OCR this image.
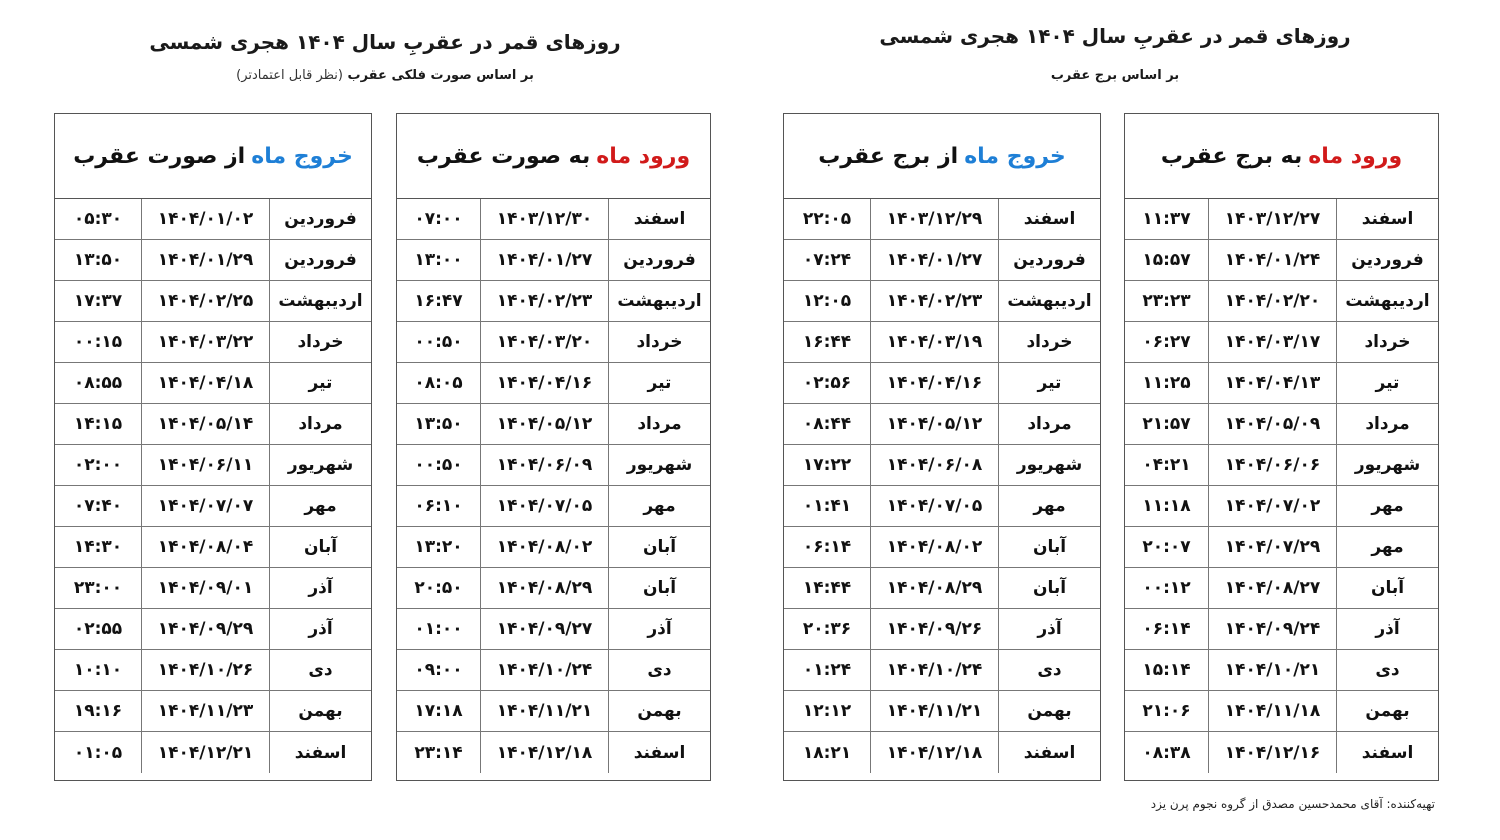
روزهای قمر در عقربِ سال ۱۴۰۴ هجری شمسی
بر اساس برج عقرب
روزهای قمر در عقربِ سال ۱۴۰۴ هجری شمسی
بر اساس صورت فلکی عقرب (نظر قابل اعتمادتر)
ورود ماه
به برج عقرب
اسفند
۱۴۰۳/۱۲/۲۷
۱۱:۳۷
فروردین
۱۴۰۴/۰۱/۲۴
۱۵:۵۷
اردیبهشت
۱۴۰۴/۰۲/۲۰
۲۳:۲۳
خرداد
۱۴۰۴/۰۳/۱۷
۰۶:۲۷
تیر
۱۴۰۴/۰۴/۱۳
۱۱:۲۵
مرداد
۱۴۰۴/۰۵/۰۹
۲۱:۵۷
شهریور
۱۴۰۴/۰۶/۰۶
۰۴:۲۱
مهر
۱۴۰۴/۰۷/۰۲
۱۱:۱۸
مهر
۱۴۰۴/۰۷/۲۹
۲۰:۰۷
آبان
۱۴۰۴/۰۸/۲۷
۰۰:۱۲
آذر
۱۴۰۴/۰۹/۲۴
۰۶:۱۴
دی
۱۴۰۴/۱۰/۲۱
۱۵:۱۴
بهمن
۱۴۰۴/۱۱/۱۸
۲۱:۰۶
اسفند
۱۴۰۴/۱۲/۱۶
۰۸:۳۸
خروج ماه
از برج عقرب
اسفند
۱۴۰۳/۱۲/۲۹
۲۲:۰۵
فروردین
۱۴۰۴/۰۱/۲۷
۰۷:۲۴
اردیبهشت
۱۴۰۴/۰۲/۲۳
۱۲:۰۵
خرداد
۱۴۰۴/۰۳/۱۹
۱۶:۴۴
تیر
۱۴۰۴/۰۴/۱۶
۰۲:۵۶
مرداد
۱۴۰۴/۰۵/۱۲
۰۸:۴۴
شهریور
۱۴۰۴/۰۶/۰۸
۱۷:۲۲
مهر
۱۴۰۴/۰۷/۰۵
۰۱:۴۱
آبان
۱۴۰۴/۰۸/۰۲
۰۶:۱۴
آبان
۱۴۰۴/۰۸/۲۹
۱۴:۴۴
آذر
۱۴۰۴/۰۹/۲۶
۲۰:۳۶
دی
۱۴۰۴/۱۰/۲۴
۰۱:۲۴
بهمن
۱۴۰۴/۱۱/۲۱
۱۲:۱۲
اسفند
۱۴۰۴/۱۲/۱۸
۱۸:۲۱
ورود ماه
به صورت عقرب
اسفند
۱۴۰۳/۱۲/۳۰
۰۷:۰۰
فروردین
۱۴۰۴/۰۱/۲۷
۱۳:۰۰
اردیبهشت
۱۴۰۴/۰۲/۲۳
۱۶:۴۷
خرداد
۱۴۰۴/۰۳/۲۰
۰۰:۵۰
تیر
۱۴۰۴/۰۴/۱۶
۰۸:۰۵
مرداد
۱۴۰۴/۰۵/۱۲
۱۳:۵۰
شهریور
۱۴۰۴/۰۶/۰۹
۰۰:۵۰
مهر
۱۴۰۴/۰۷/۰۵
۰۶:۱۰
آبان
۱۴۰۴/۰۸/۰۲
۱۳:۲۰
آبان
۱۴۰۴/۰۸/۲۹
۲۰:۵۰
آذر
۱۴۰۴/۰۹/۲۷
۰۱:۰۰
دی
۱۴۰۴/۱۰/۲۴
۰۹:۰۰
بهمن
۱۴۰۴/۱۱/۲۱
۱۷:۱۸
اسفند
۱۴۰۴/۱۲/۱۸
۲۳:۱۴
خروج ماه
از صورت عقرب
فروردین
۱۴۰۴/۰۱/۰۲
۰۵:۳۰
فروردین
۱۴۰۴/۰۱/۲۹
۱۳:۵۰
اردیبهشت
۱۴۰۴/۰۲/۲۵
۱۷:۳۷
خرداد
۱۴۰۴/۰۳/۲۲
۰۰:۱۵
تیر
۱۴۰۴/۰۴/۱۸
۰۸:۵۵
مرداد
۱۴۰۴/۰۵/۱۴
۱۴:۱۵
شهریور
۱۴۰۴/۰۶/۱۱
۰۲:۰۰
مهر
۱۴۰۴/۰۷/۰۷
۰۷:۴۰
آبان
۱۴۰۴/۰۸/۰۴
۱۴:۳۰
آذر
۱۴۰۴/۰۹/۰۱
۲۳:۰۰
آذر
۱۴۰۴/۰۹/۲۹
۰۲:۵۵
دی
۱۴۰۴/۱۰/۲۶
۱۰:۱۰
بهمن
۱۴۰۴/۱۱/۲۳
۱۹:۱۶
اسفند
۱۴۰۴/۱۲/۲۱
۰۱:۰۵
تهیه‌کننده: آقای محمدحسین مصدق از گروه نجوم پرن یزد
